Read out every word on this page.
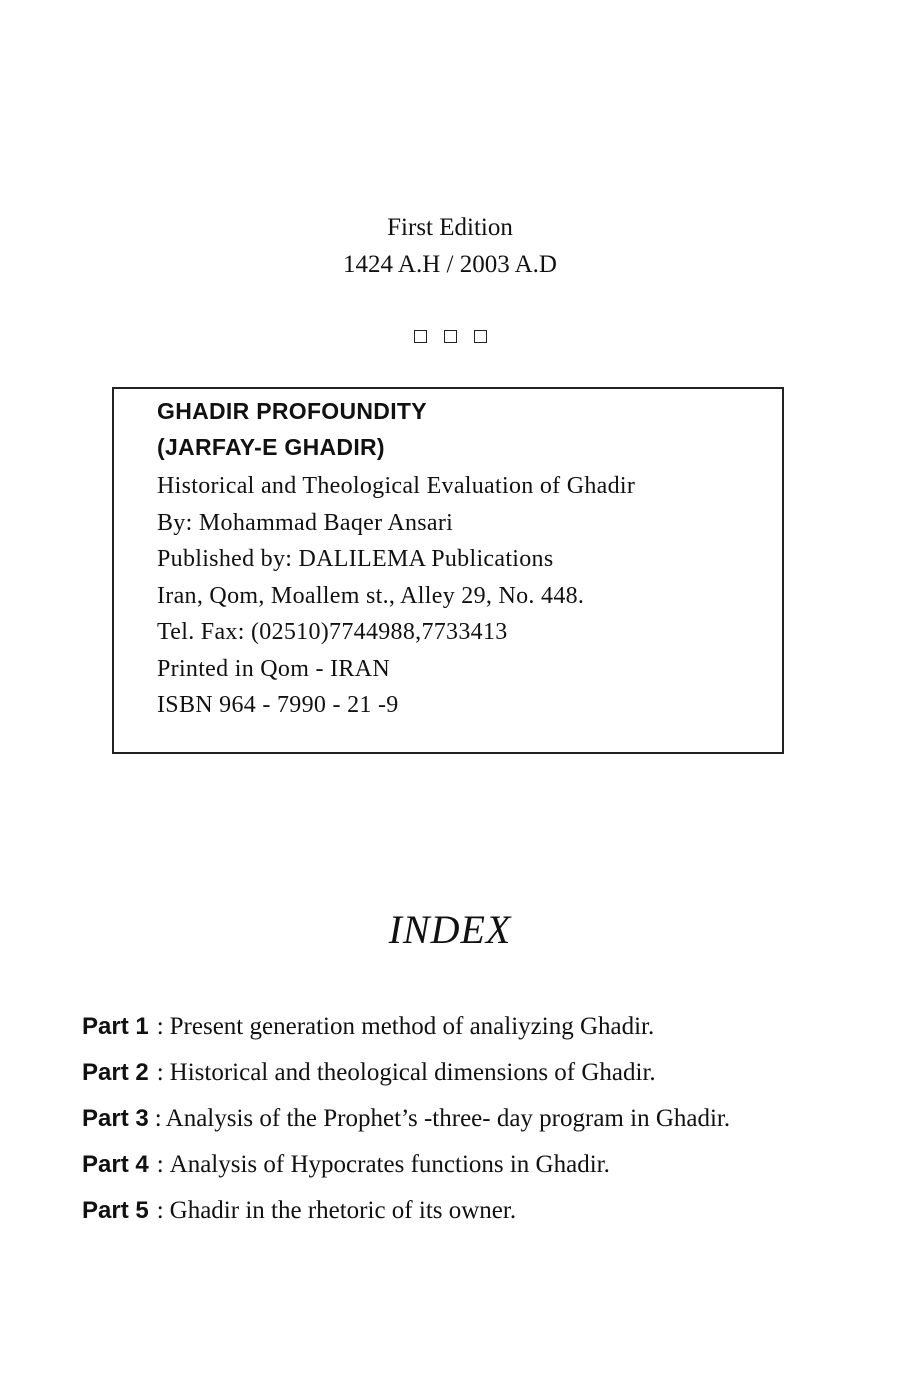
First Edition
1424 A.H / 2003 A.D
GHADIR PROFOUNDITY
(JARFAY-E GHADIR)
Historical and Theological Evaluation of Ghadir
By: Mohammad Baqer Ansari
Published by: DALILEMA Publications
Iran, Qom, Moallem st., Alley 29, No. 448.
Tel. Fax: (02510)7744988,7733413
Printed in Qom - IRAN
ISBN 964 - 7990 - 21 -9
INDEX
Part 1 : Present generation method of analiyzing Ghadir.
Part 2 : Historical and theological dimensions of Ghadir.
Part 3 : Analysis of the Prophet’s -three- day program in Ghadir.
Part 4 : Analysis of Hypocrates functions in Ghadir.
Part 5 : Ghadir in the rhetoric of its owner.
